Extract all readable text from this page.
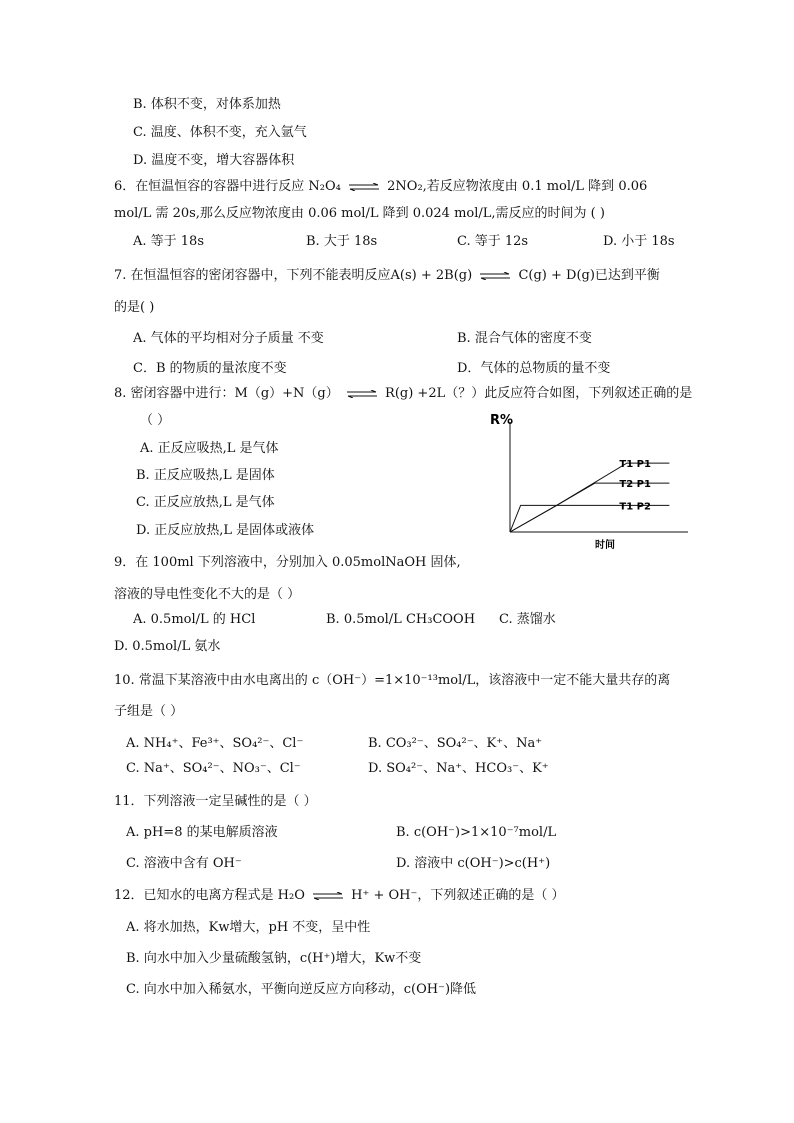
B. 体积不变，对体系加热
C. 温度、体积不变，充入氩气
D. 温度不变，增大容器体积
6．在恒温恒容的容器中进行反应 N₂O₄ ⇌ 2NO₂,若反应物浓度由 0.1 mol/L 降到 0.06
mol/L 需 20s,那么反应物浓度由 0.06 mol/L 降到 0.024 mol/L,需反应的时间为 ( )
A. 等于 18s	B. 大于 18s	C. 等于 12s	D. 小于 18s
7. 在恒温恒容的密闭容器中，下列不能表明反应A(s) + 2B(g) ⇌ C(g) + D(g)已达到平衡
的是( )
A. 气体的平均相对分子质量 不变	B. 混合气体的密度不变
C．B 的物质的量浓度不变	D．气体的总物质的量不变
8. 密闭容器中进行：M（g）+N（g） ⇌ R(g) +2L（？）此反应符合如图，下列叙述正确的是
（ ）
A. 正反应吸热,L 是气体
B. 正反应吸热,L 是固体
C. 正反应放热,L 是气体
D. 正反应放热,L 是固体或液体
R%
时间
T1 P1
T2 P1
T1 P2
9．在 100ml 下列溶液中，分别加入 0.05molNaOH 固体,
溶液的导电性变化不大的是（ ）
A. 0.5mol/L 的 HCl	B. 0.5mol/L CH₃COOH C. 蒸馏水
D. 0.5mol/L 氨水
10. 常温下某溶液中由水电离出的 c（OH⁻）=1×10⁻¹³mol/L，该溶液中一定不能大量共存的离
子组是（ ）
A. NH₄⁺、Fe³⁺、SO₄²⁻、Cl⁻	B. CO₃²⁻、SO₄²⁻、K⁺、Na⁺
C. Na⁺、SO₄²⁻、NO₃⁻、Cl⁻	D. SO₄²⁻、Na⁺、HCO₃⁻、K⁺
11．下列溶液一定呈碱性的是（ ）
A. pH=8 的某电解质溶液	B. c(OH⁻)>1×10⁻⁷mol/L
C. 溶液中含有 OH⁻	D. 溶液中 c(OH⁻)>c(H⁺)
12．已知水的电离方程式是 H₂O ⇌ H⁺ + OH⁻，下列叙述正确的是（ ）
A. 将水加热，Kw增大，pH 不变，呈中性
B. 向水中加入少量硫酸氢钠，c(H⁺)增大，Kw不变
C. 向水中加入稀氨水，平衡向逆反应方向移动，c(OH⁻)降低
